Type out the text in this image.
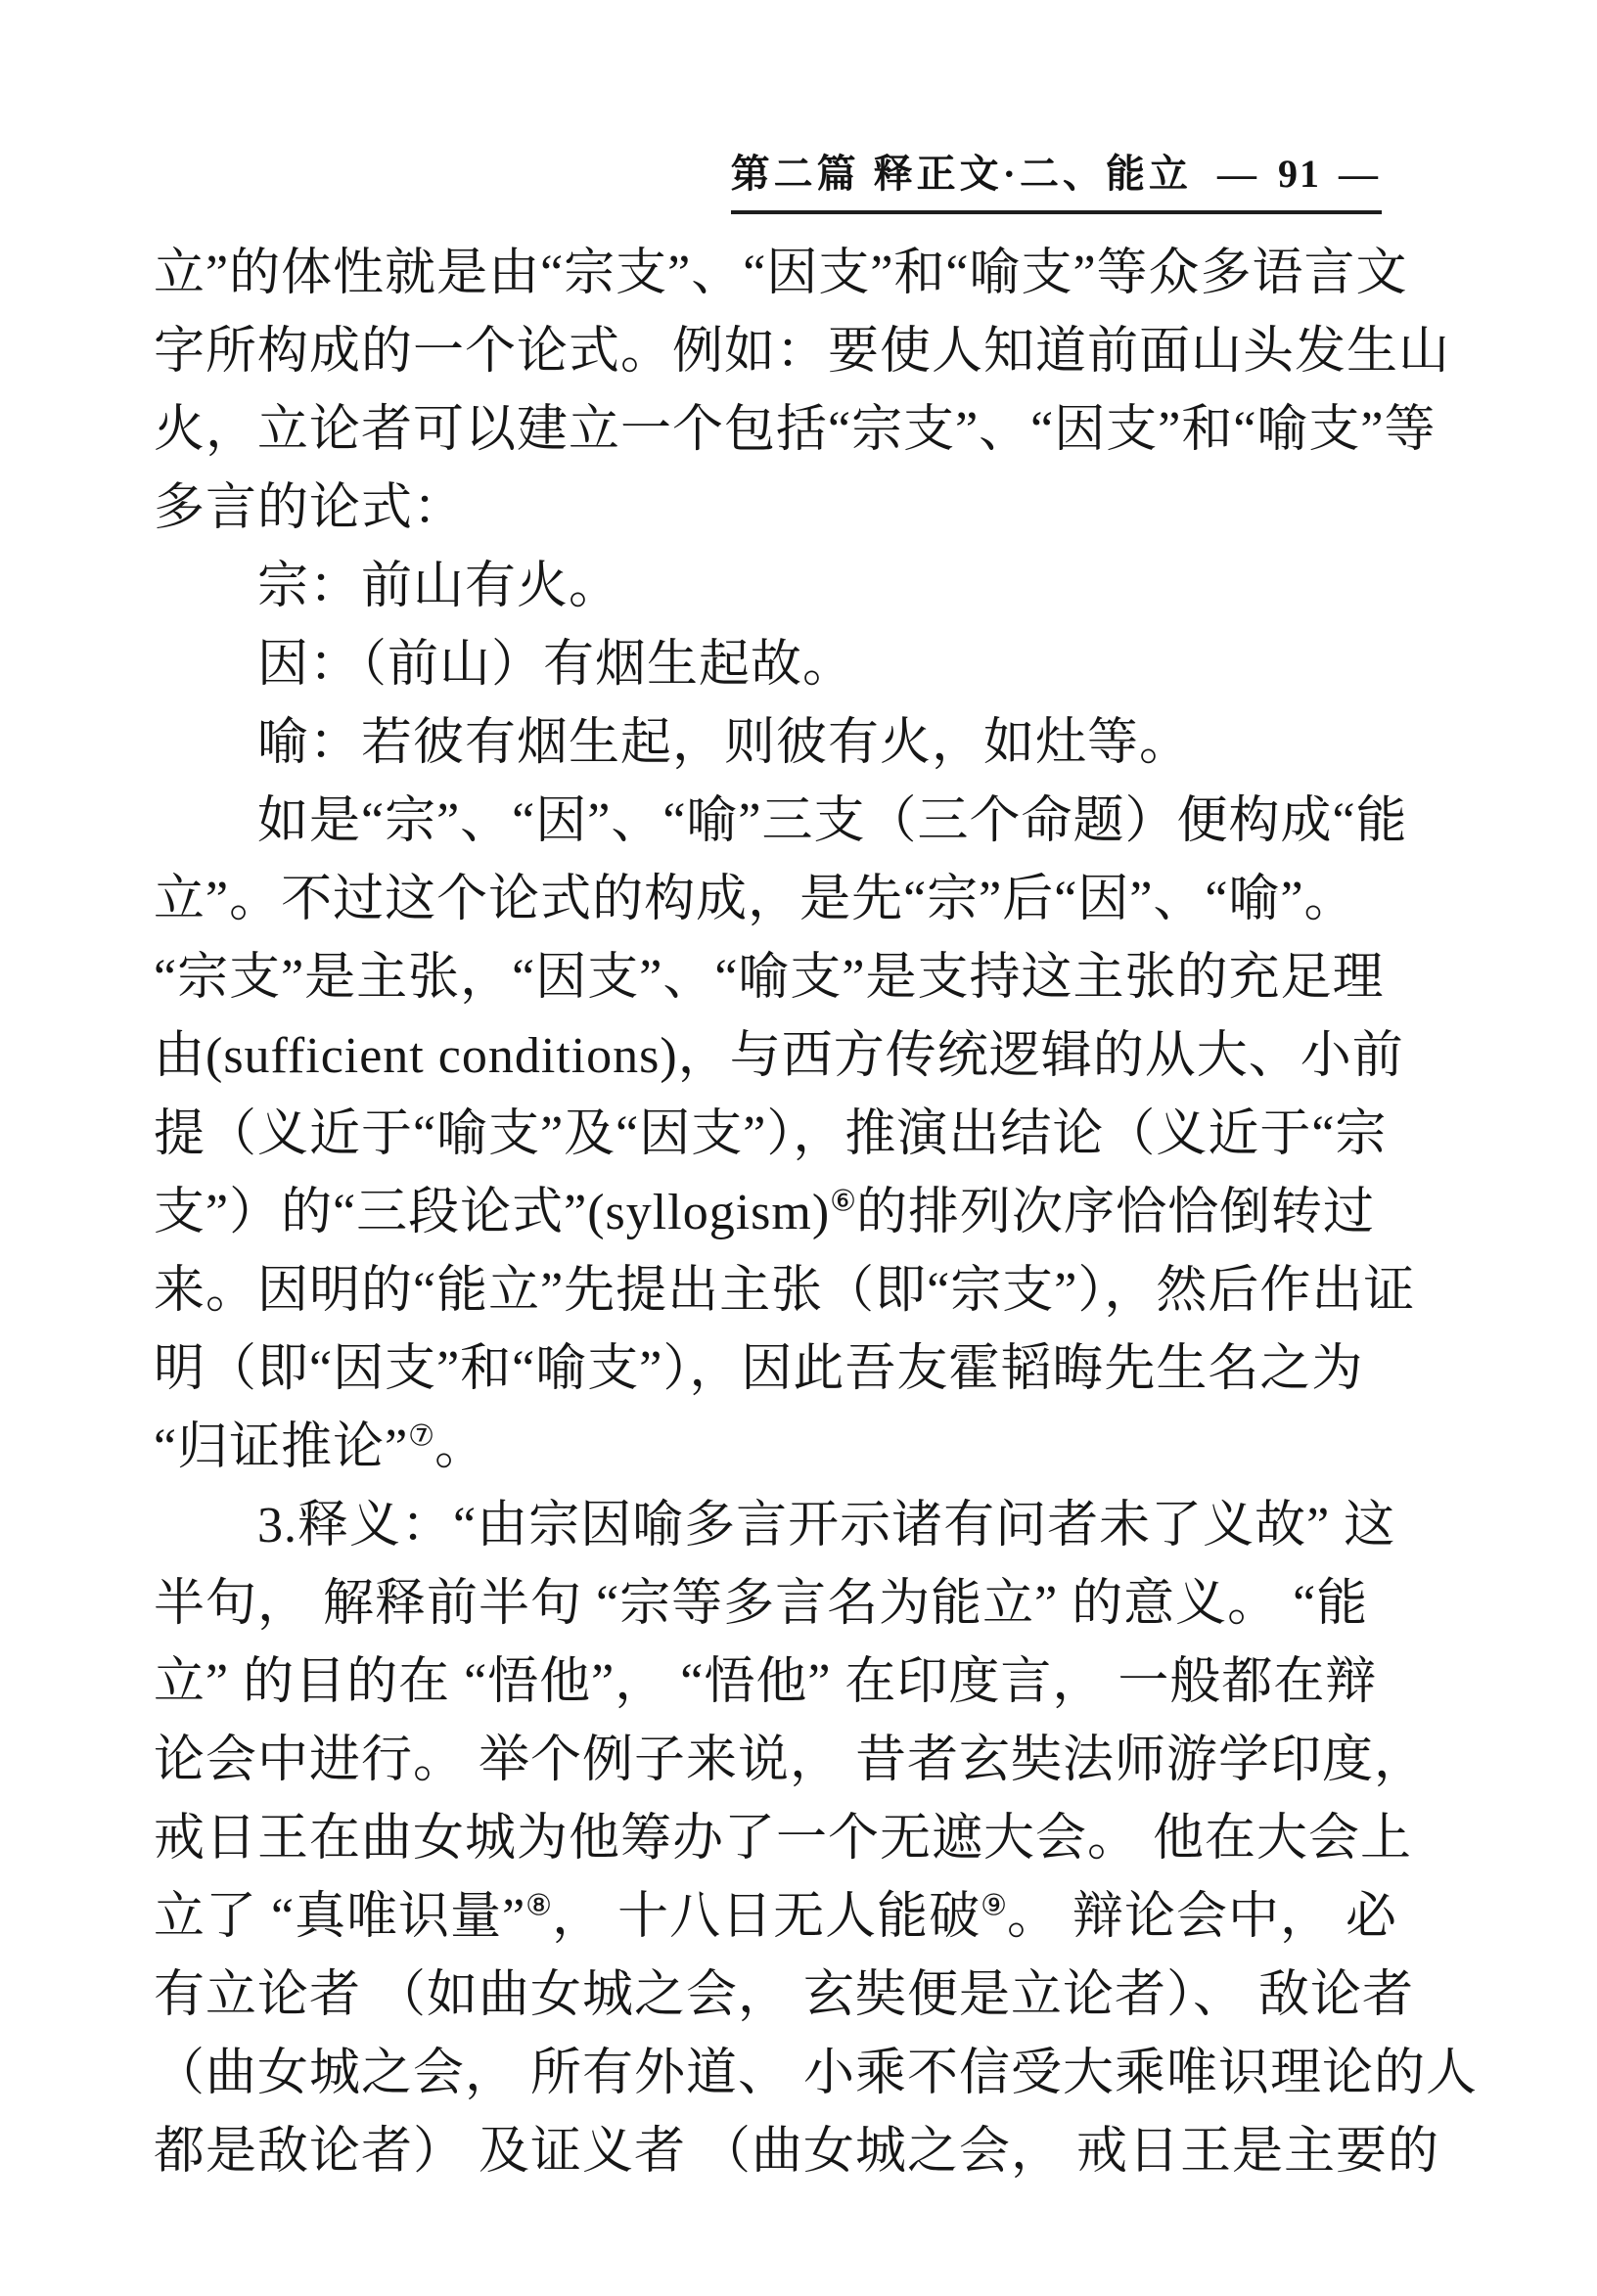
第二篇 释正文·二、能立 — 91 —
立”的体性就是由“宗支”、“因支”和“喻支”等众多语言文
字所构成的一个论式。例如：要使人知道前面山头发生山
火，立论者可以建立一个包括“宗支”、“因支”和“喻支”等
多言的论式：
　　宗：前山有火。
　　因：（前山）有烟生起故。
　　喻：若彼有烟生起，则彼有火，如灶等。
　　如是“宗”、“因”、“喻”三支（三个命题）便构成“能
立”。不过这个论式的构成，是先“宗”后“因”、“喻”。
“宗支”是主张，“因支”、“喻支”是支持这主张的充足理
由(sufficient conditions)，与西方传统逻辑的从大、小前
提（义近于“喻支”及“因支”），推演出结论（义近于“宗
支”）的“三段论式”(syllogism)⑥的排列次序恰恰倒转过
来。因明的“能立”先提出主张（即“宗支”），然后作出证
明（即“因支”和“喻支”），因此吾友霍韬晦先生名之为
“归证推论”⑦。
　　3.释义：“由宗因喻多言开示诸有问者未了义故” 这
半句， 解释前半句 “宗等多言名为能立” 的意义。 “能
立” 的目的在 “悟他”， “悟他” 在印度言， 一般都在辩
论会中进行。 举个例子来说， 昔者玄奘法师游学印度，
戒日王在曲女城为他筹办了一个无遮大会。 他在大会上
立了 “真唯识量”⑧， 十八日无人能破⑨。 辩论会中， 必
有立论者 （如曲女城之会， 玄奘便是立论者）、 敌论者
（曲女城之会， 所有外道、 小乘不信受大乘唯识理论的人
都是敌论者） 及证义者 （曲女城之会， 戒日王是主要的
